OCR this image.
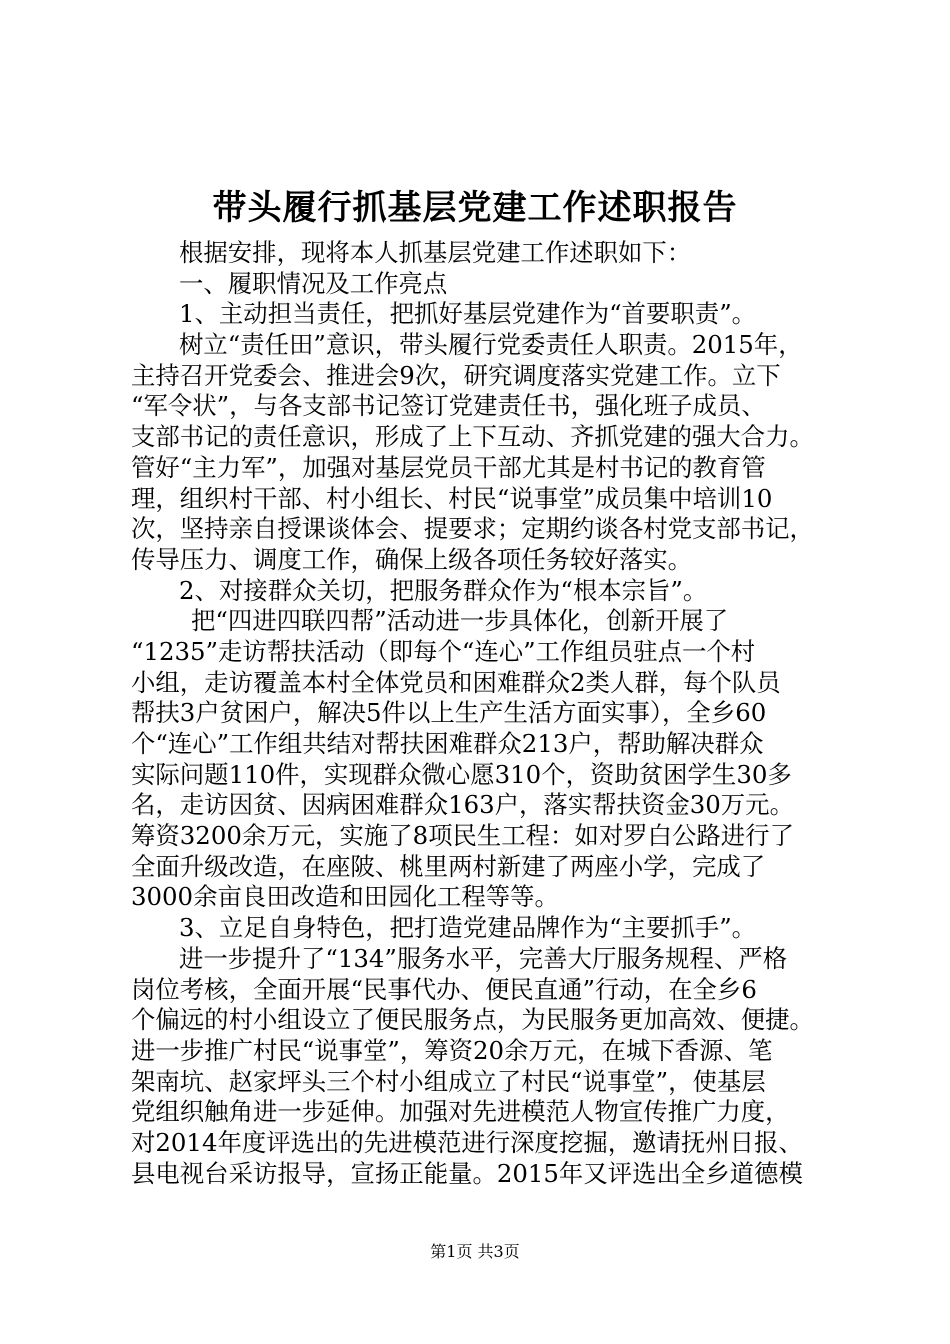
带头履行抓基层党建工作述职报告
根据安排，现将本人抓基层党建工作述职如下：
一、履职情况及工作亮点
1、主动担当责任，把抓好基层党建作为“首要职责”。
树立“责任田”意识，带头履行党委责任人职责。2015年，
主持召开党委会、推进会9次，研究调度落实党建工作。立下
“军令状”，与各支部书记签订党建责任书，强化班子成员、
支部书记的责任意识，形成了上下互动、齐抓党建的强大合力。
管好“主力军”，加强对基层党员干部尤其是村书记的教育管
理，组织村干部、村小组长、村民“说事堂”成员集中培训10
次，坚持亲自授课谈体会、提要求；定期约谈各村党支部书记，
传导压力、调度工作，确保上级各项任务较好落实。
2、对接群众关切，把服务群众作为“根本宗旨”。
把“四进四联四帮”活动进一步具体化，创新开展了
“1235”走访帮扶活动（即每个“连心”工作组员驻点一个村
小组，走访覆盖本村全体党员和困难群众2类人群，每个队员
帮扶3户贫困户，解决5件以上生产生活方面实事），全乡60
个“连心”工作组共结对帮扶困难群众213户，帮助解决群众
实际问题110件，实现群众微心愿310个，资助贫困学生30多
名，走访因贫、因病困难群众163户，落实帮扶资金30万元。
筹资3200余万元，实施了8项民生工程：如对罗白公路进行了
全面升级改造，在座陂、桃里两村新建了两座小学，完成了
3000余亩良田改造和田园化工程等等。
3、立足自身特色，把打造党建品牌作为“主要抓手”。
进一步提升了“134”服务水平，完善大厅服务规程、严格
岗位考核，全面开展“民事代办、便民直通”行动，在全乡6
个偏远的村小组设立了便民服务点，为民服务更加高效、便捷。
进一步推广村民“说事堂”，筹资20余万元，在城下香源、笔
架南坑、赵家坪头三个村小组成立了村民“说事堂”，使基层
党组织触角进一步延伸。加强对先进模范人物宣传推广力度，
对2014年度评选出的先进模范进行深度挖掘，邀请抚州日报、
县电视台采访报导，宣扬正能量。2015年又评选出全乡道德模
第1页 共3页
